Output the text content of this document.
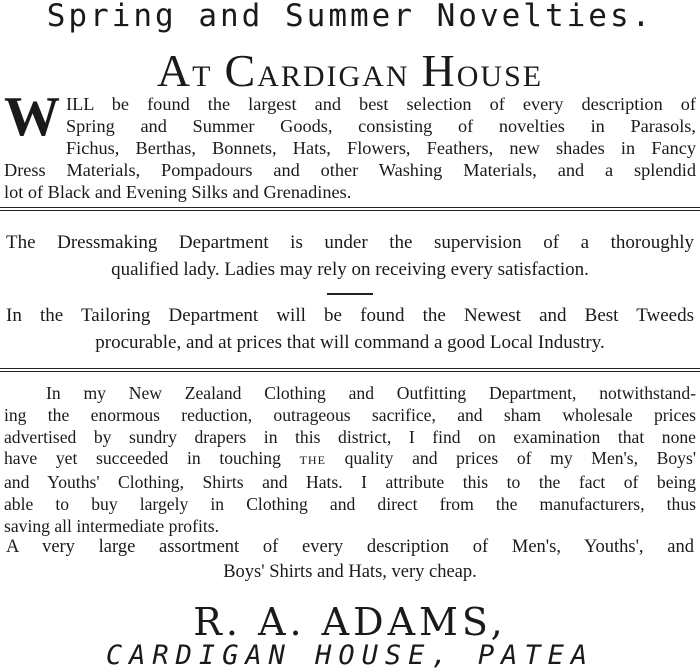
Spring and Summer Novelties.
AT CARDIGAN HOUSE
W ILL be found the largest and best selection of every description of
Spring and Summer Goods, consisting of novelties in Parasols,
Fichus, Berthas, Bonnets, Hats, Flowers, Feathers, new shades in Fancy
Dress Materials, Pompadours and other Washing Materials, and a splendid
lot of Black and Evening Silks and Grenadines.
The Dressmaking Department is under the supervision of a thoroughly
qualified lady. Ladies may rely on receiving every satisfaction.
In the Tailoring Department will be found the Newest and Best Tweeds
procurable, and at prices that will command a good Local Industry.
In my New Zealand Clothing and Outfitting Department, notwithstand-
ing the enormous reduction, outrageous sacrifice, and sham wholesale prices
advertised by sundry drapers in this district, I find on examination that none
have yet succeeded in touching THE quality and prices of my Men's, Boys'
and Youths' Clothing, Shirts and Hats. I attribute this to the fact of being
able to buy largely in Clothing and direct from the manufacturers, thus
saving all intermediate profits.
A very large assortment of every description of Men's, Youths', and
Boys' Shirts and Hats, very cheap.
R. A. ADAMS,
CARDIGAN HOUSE, PATEA
